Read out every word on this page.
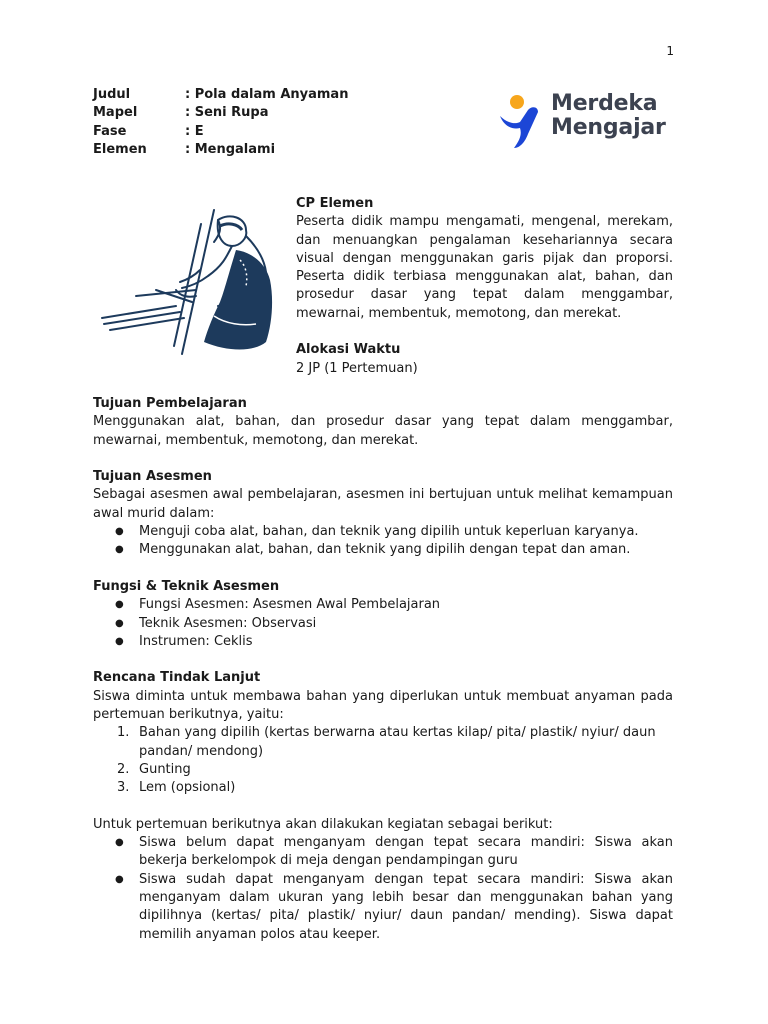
1
Judul	: Pola dalam Anyaman
Mapel	: Seni Rupa
Fase	: E
Elemen	: Mengalami
Merdeka
Mengajar
CP Elemen
Peserta didik mampu mengamati, mengenal, merekam, dan menuangkan pengalaman kesehariannya secara visual dengan menggunakan garis pijak dan proporsi. Peserta didik terbiasa menggunakan alat, bahan, dan prosedur dasar yang tepat dalam menggambar, mewarnai, membentuk, memotong, dan merekat.
Alokasi Waktu
2 JP (1 Pertemuan)
Tujuan Pembelajaran
Menggunakan alat, bahan, dan prosedur dasar yang tepat dalam menggambar, mewarnai, membentuk, memotong, dan merekat.
Tujuan Asesmen
Sebagai asesmen awal pembelajaran, asesmen ini bertujuan untuk melihat kemampuan awal murid dalam:
● Menguji coba alat, bahan, dan teknik yang dipilih untuk keperluan karyanya.
● Menggunakan alat, bahan, dan teknik yang dipilih dengan tepat dan aman.
Fungsi & Teknik Asesmen
● Fungsi Asesmen: Asesmen Awal Pembelajaran
● Teknik Asesmen: Observasi
● Instrumen: Ceklis
Rencana Tindak Lanjut
Siswa diminta untuk membawa bahan yang diperlukan untuk membuat anyaman pada pertemuan berikutnya, yaitu:
1. Bahan yang dipilih (kertas berwarna atau kertas kilap/ pita/ plastik/ nyiur/ daun pandan/ mendong)
2. Gunting
3. Lem (opsional)
Untuk pertemuan berikutnya akan dilakukan kegiatan sebagai berikut:
● Siswa belum dapat menganyam dengan tepat secara mandiri: Siswa akan bekerja berkelompok di meja dengan pendampingan guru
● Siswa sudah dapat menganyam dengan tepat secara mandiri: Siswa akan menganyam dalam ukuran yang lebih besar dan menggunakan bahan yang dipilihnya (kertas/ pita/ plastik/ nyiur/ daun pandan/ mending). Siswa dapat memilih anyaman polos atau keeper.
